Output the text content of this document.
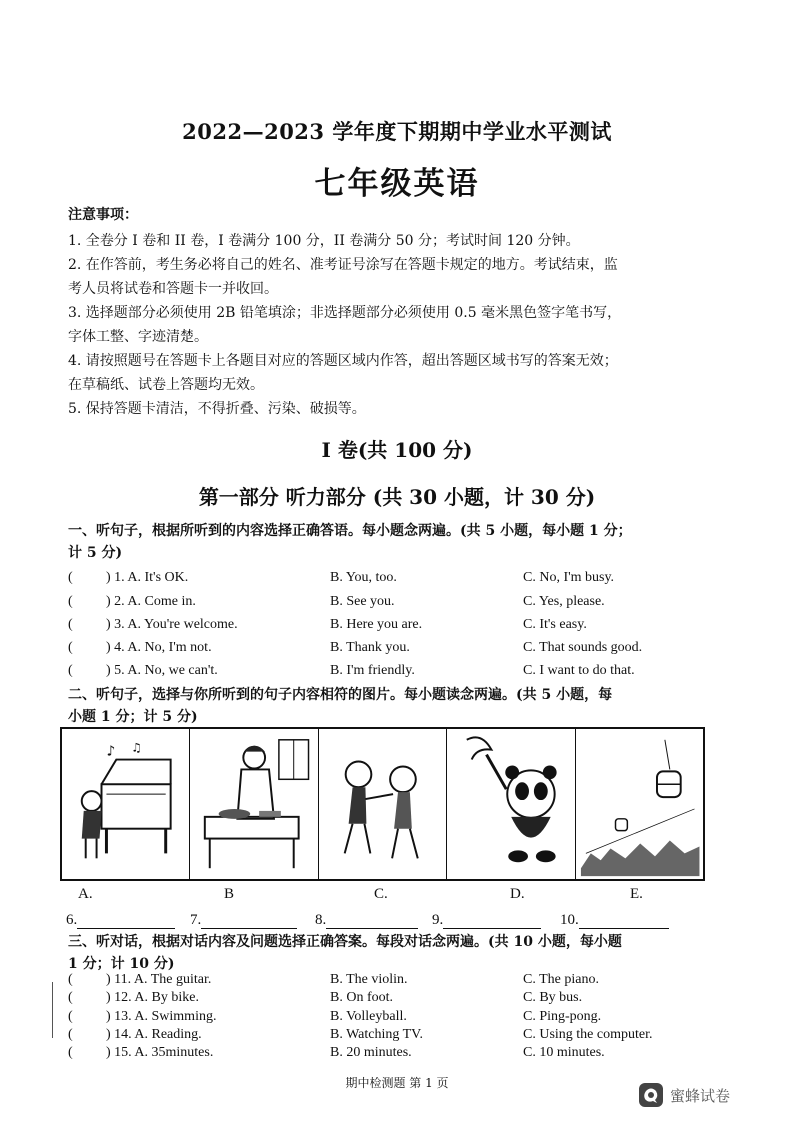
2022—2023 学年度下期期中学业水平测试
七年级英语
注意事项：
1. 全卷分 I 卷和 II 卷，I 卷满分 100 分，II 卷满分 50 分；考试时间 120 分钟。
2. 在作答前，考生务必将自己的姓名、准考证号涂写在答题卡规定的地方。考试结束，监
考人员将试卷和答题卡一并收回。
3. 选择题部分必须使用 2B 铅笔填涂；非选择题部分必须使用 0.5 毫米黑色签字笔书写，
字体工整、字迹清楚。
4. 请按照题号在答题卡上各题目对应的答题区域内作答，超出答题区域书写的答案无效；
在草稿纸、试卷上答题均无效。
5. 保持答题卡清洁，不得折叠、污染、破损等。
I 卷(共 100 分)
第一部分 听力部分 (共 30 小题，计 30 分)
一、听句子，根据所听到的内容选择正确答语。每小题念两遍。(共 5 小题，每小题 1 分；
计 5 分)
( ) 1. A. It's OK.	B. You, too.	C. No, I'm busy.
( ) 2. A. Come in.	B. See you.	C. Yes, please.
( ) 3. A. You're welcome.	B. Here you are.	C. It's easy.
( ) 4. A. No, I'm not.	B. Thank you.	C. That sounds good.
( ) 5. A. No, we can't.	B. I'm friendly.	C. I want to do that.
二、听句子，选择与你所听到的句子内容相符的图片。每小题读念两遍。(共 5 小题，每
小题 1 分；计 5 分)
♪ ♫
A.	B	C.	D.	E.
6.	7.	8.	9.	10.
三、听对话，根据对话内容及问题选择正确答案。每段对话念两遍。(共 10 小题，每小题
1 分；计 10 分)
( ) 11. A. The guitar.	B. The violin.	C. The piano.
( ) 12. A. By bike.	B. On foot.	C. By bus.
( ) 13. A. Swimming.	B. Volleyball.	C. Ping-pong.
( ) 14. A. Reading.	B. Watching TV.	C. Using the computer.
( ) 15. A. 35minutes.	B. 20 minutes.	C. 10 minutes.
期中检测题 第 1 页
蜜蜂试卷
